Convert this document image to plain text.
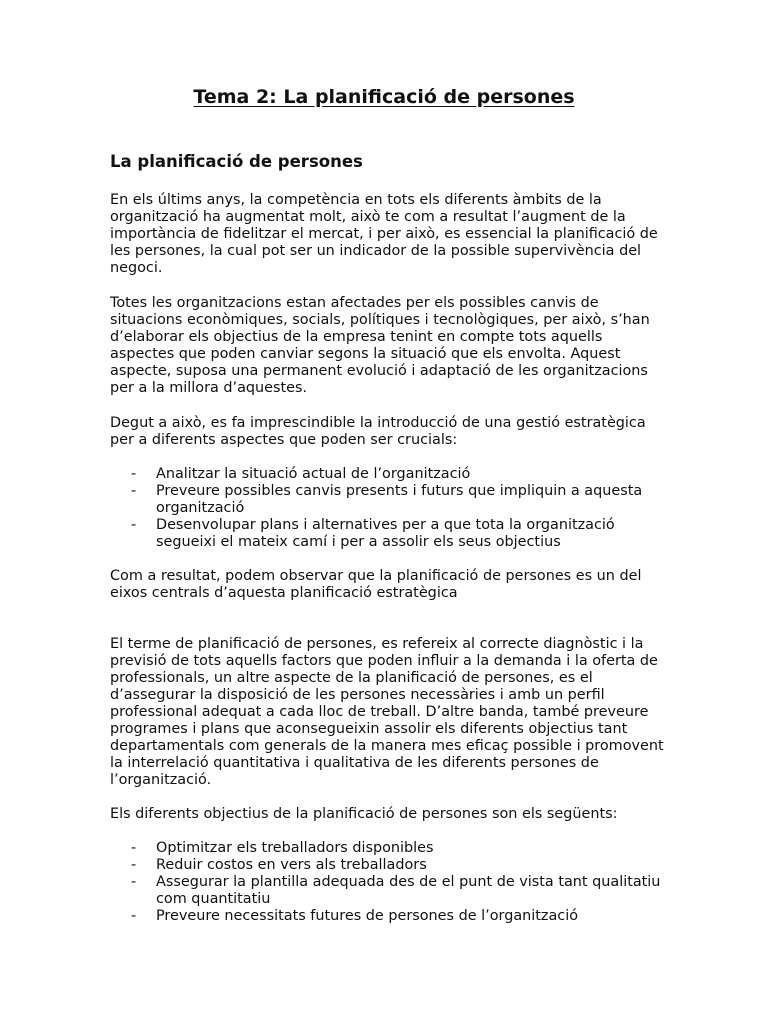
Tema 2: La planificació de persones
La planificació de persones

En els últims anys, la competència en tots els diferents àmbits de la organització ha augmentat molt, això te com a resultat l’augment de la importància de fidelitzar el mercat, i per això, es essencial la planificació de les persones, la cual pot ser un indicador de la possible supervivència del negoci.

Totes les organitzacions estan afectades per els possibles canvis de situacions econòmiques, socials, polítiques i tecnològiques, per això, s’han d’elaborar els objectius de la empresa tenint en compte tots aquells aspectes que poden canviar segons la situació que els envolta. Aquest aspecte, suposa una permanent evolució i adaptació de les organitzacions per a la millora d’aquestes.

Degut a això, es fa imprescindible la introducció de una gestió estratègica per a diferents aspectes que poden ser crucials:

- Analitzar la situació actual de l’organització
- Preveure possibles canvis presents i futurs que impliquin a aquesta organització
- Desenvolupar plans i alternatives per a que tota la organització segueixi el mateix camí i per a assolir els seus objectius

Com a resultat, podem observar que la planificació de persones es un del eixos centrals d’aquesta planificació estratègica

El terme de planificació de persones, es refereix al correcte diagnòstic i la previsió de tots aquells factors que poden influir a la demanda i la oferta de professionals, un altre aspecte de la planificació de persones, es el d’assegurar la disposició de les persones necessàries i amb un perfil professional adequat a cada lloc de treball. D’altre banda, també preveure programes i plans que aconsegueixin assolir els diferents objectius tant departamentals com generals de la manera mes eficaç possible i promovent la interrelació quantitativa i qualitativa de les diferents persones de l’organització.

Els diferents objectius de la planificació de persones son els següents:

- Optimitzar els treballadors disponibles
- Reduir costos en vers als treballadors
- Assegurar la plantilla adequada des de el punt de vista tant qualitatiu com quantitatiu
- Preveure necessitats futures de persones de l’organització
